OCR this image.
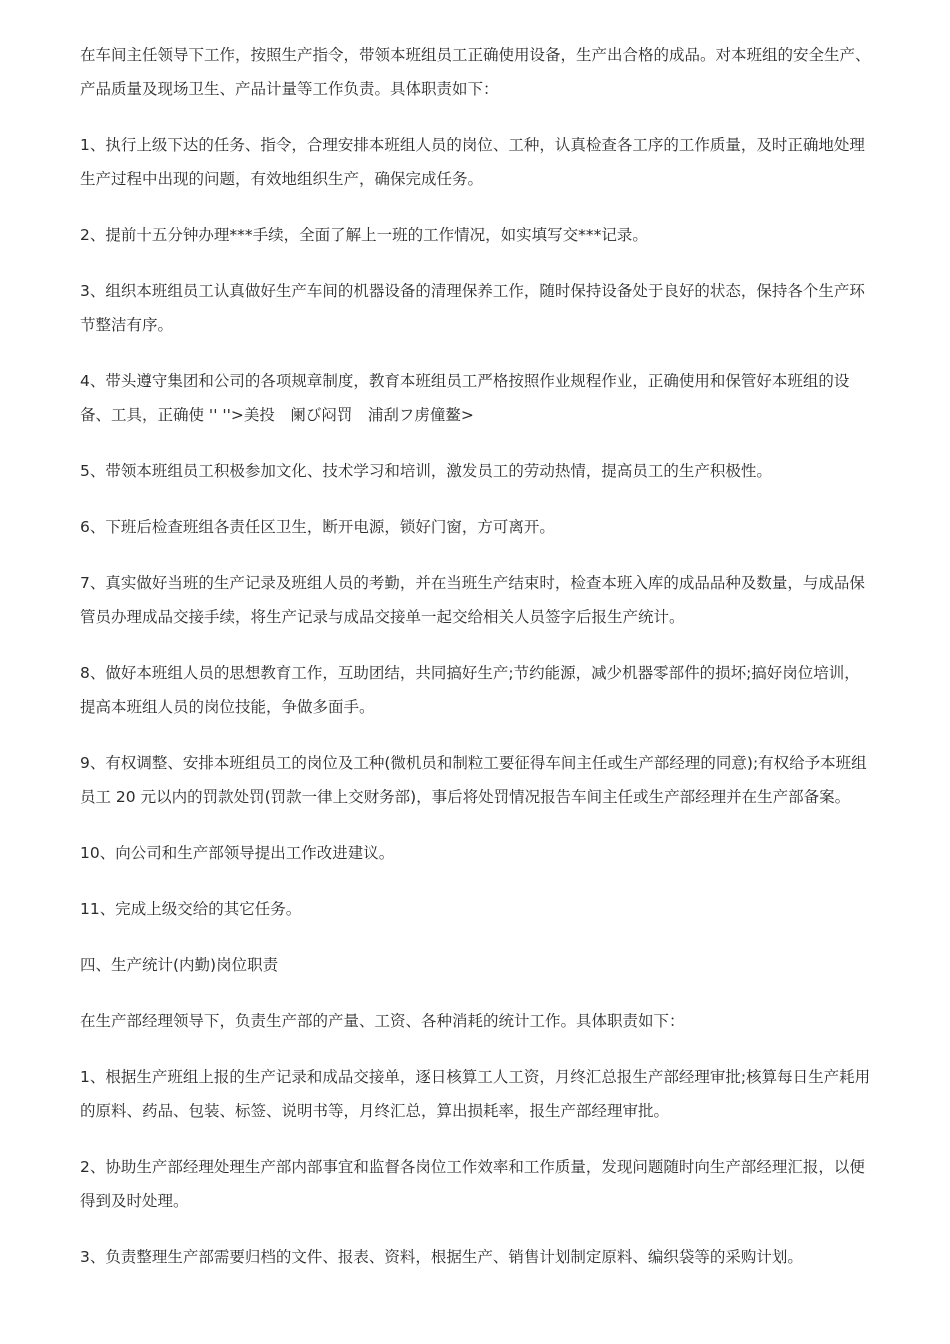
在车间主任领导下工作，按照生产指令，带领本班组员工正确使用设备，生产出合格的成品。对本班组的安全生产、产品质量及现场卫生、产品计量等工作负责。具体职责如下：

1、执行上级下达的任务、指令，合理安排本班组人员的岗位、工种，认真检查各工序的工作质量，及时正确地处理生产过程中出现的问题，有效地组织生产，确保完成任务。

2、提前十五分钟办理***手续，全面了解上一班的工作情况，如实填写交***记录。

3、组织本班组员工认真做好生产车间的机器设备的清理保养工作，随时保持设备处于良好的状态，保持各个生产环节整洁有序。

4、带头遵守集团和公司的各项规章制度，教育本班组员工严格按照作业规程作业，正确使用和保管好本班组的设备、工具，正确使 '' ''>美投　阑び闷罚　浦刮フ虏僮鳌>

5、带领本班组员工积极参加文化、技术学习和培训，激发员工的劳动热情，提高员工的生产积极性。

6、下班后检查班组各责任区卫生，断开电源，锁好门窗，方可离开。

7、真实做好当班的生产记录及班组人员的考勤，并在当班生产结束时，检查本班入库的成品品种及数量，与成品保管员办理成品交接手续，将生产记录与成品交接单一起交给相关人员签字后报生产统计。

8、做好本班组人员的思想教育工作，互助团结，共同搞好生产;节约能源，减少机器零部件的损坏;搞好岗位培训，提高本班组人员的岗位技能，争做多面手。

9、有权调整、安排本班组员工的岗位及工种(微机员和制粒工要征得车间主任或生产部经理的同意);有权给予本班组员工 20 元以内的罚款处罚(罚款一律上交财务部)，事后将处罚情况报告车间主任或生产部经理并在生产部备案。

10、向公司和生产部领导提出工作改进建议。

11、完成上级交给的其它任务。

四、生产统计(内勤)岗位职责

在生产部经理领导下，负责生产部的产量、工资、各种消耗的统计工作。具体职责如下：

1、根据生产班组上报的生产记录和成品交接单，逐日核算工人工资，月终汇总报生产部经理审批;核算每日生产耗用的原料、药品、包装、标签、说明书等，月终汇总，算出损耗率，报生产部经理审批。

2、协助生产部经理处理生产部内部事宜和监督各岗位工作效率和工作质量，发现问题随时向生产部经理汇报，以便得到及时处理。

3、负责整理生产部需要归档的文件、报表、资料，根据生产、销售计划制定原料、编织袋等的采购计划。
